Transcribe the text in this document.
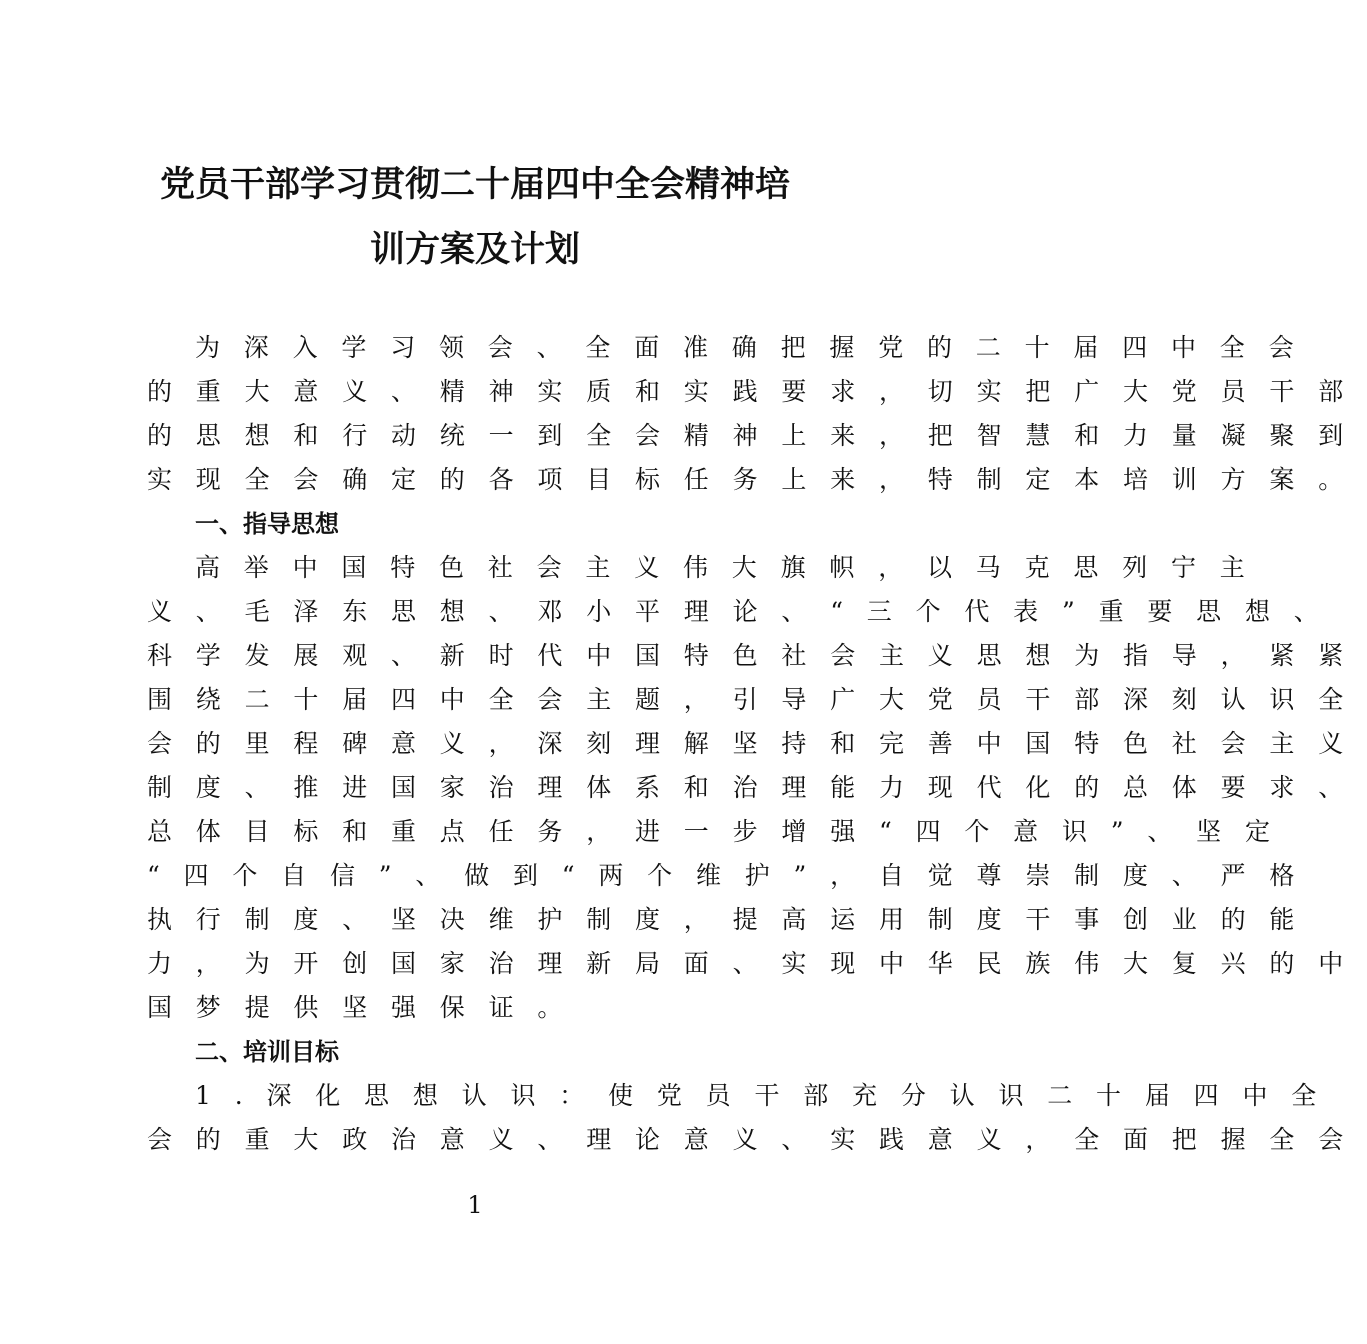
党员干部学习贯彻二十届四中全会精神培
训方案及计划
为深入学习领会、全面准确把握党的二十届四中全会
的重大意义、精神实质和实践要求，切实把广大党员干部
的思想和行动统一到全会精神上来，把智慧和力量凝聚到
实现全会确定的各项目标任务上来，特制定本培训方案。
一、指导思想
高举中国特色社会主义伟大旗帜，以马克思列宁主
义、毛泽东思想、邓小平理论、“三个代表”重要思想、
科学发展观、新时代中国特色社会主义思想为指导，紧紧
围绕二十届四中全会主题，引导广大党员干部深刻认识全
会的里程碑意义，深刻理解坚持和完善中国特色社会主义
制度、推进国家治理体系和治理能力现代化的总体要求、
总体目标和重点任务，进一步增强“四个意识”、坚定
“四个自信”、做到“两个维护”，自觉尊崇制度、严格
执行制度、坚决维护制度，提高运用制度干事创业的能
力，为开创国家治理新局面、实现中华民族伟大复兴的中
国梦提供坚强保证。
二、培训目标
1.深化思想认识：使党员干部充分认识二十届四中全
会的重大政治意义、理论意义、实践意义，全面把握全会
1
